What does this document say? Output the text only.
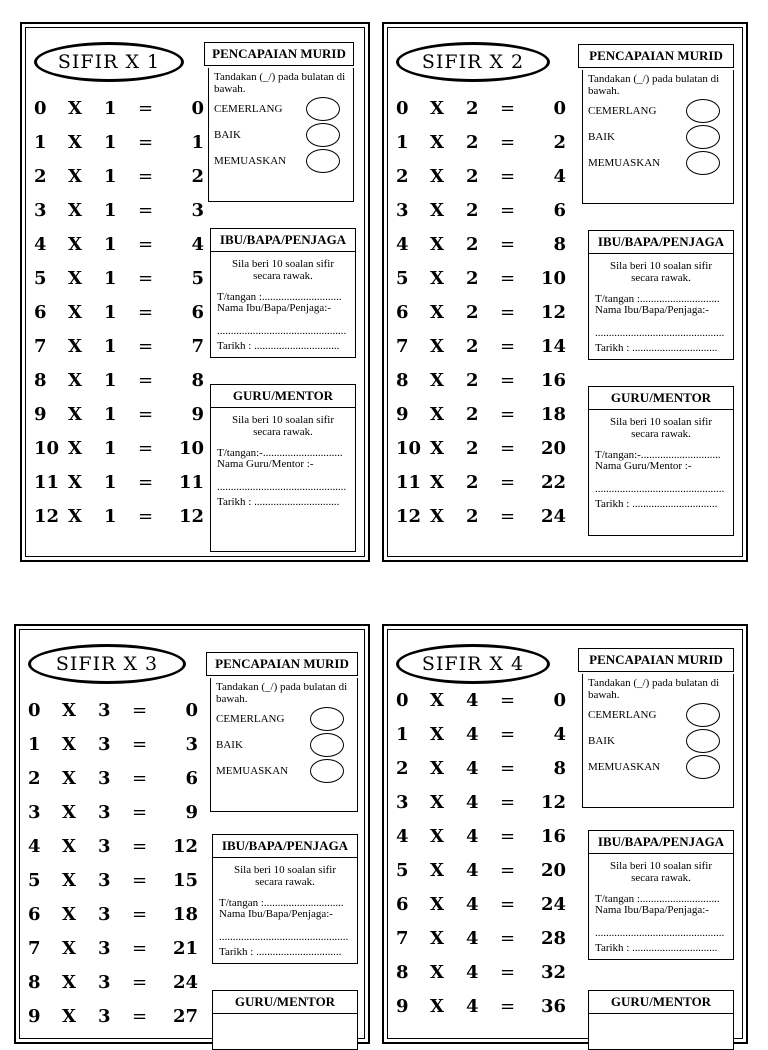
SIFIR X 1
0 X 1 = 0
1 X 1 = 1
2 X 1 = 2
3 X 1 = 3
4 X 1 = 4
5 X 1 = 5
6 X 1 = 6
7 X 1 = 7
8 X 1 = 8
9 X 1 = 9
10 X 1 = 10
11 X 1 = 11
12 X 1 = 12
PENCAPAIAN MURID
Tandakan (_/) pada bulatan di bawah.
CEMERLANG
BAIK
MEMUASKAN
IBU/BAPA/PENJAGA
Sila beri 10 soalan sifir secara rawak.
T/tangan :.............................
Nama Ibu/Bapa/Penjaga:-
...............................................
Tarikh : ...............................
GURU/MENTOR
Sila beri 10 soalan sifir secara rawak.
T/tangan:-.............................
Nama Guru/Mentor :-
...............................................
Tarikh : ...............................
SIFIR X 2
0 X 2 = 0
1 X 2 = 2
2 X 2 = 4
3 X 2 = 6
4 X 2 = 8
5 X 2 = 10
6 X 2 = 12
7 X 2 = 14
8 X 2 = 16
9 X 2 = 18
10 X 2 = 20
11 X 2 = 22
12 X 2 = 24
PENCAPAIAN MURID
Tandakan (_/) pada bulatan di bawah.
CEMERLANG
BAIK
MEMUASKAN
IBU/BAPA/PENJAGA
Sila beri 10 soalan sifir secara rawak.
T/tangan :.............................
Nama Ibu/Bapa/Penjaga:-
...............................................
Tarikh : ...............................
GURU/MENTOR
Sila beri 10 soalan sifir secara rawak.
T/tangan:-.............................
Nama Guru/Mentor :-
...............................................
Tarikh : ...............................
SIFIR X 3
0 X 3 = 0
1 X 3 = 3
2 X 3 = 6
3 X 3 = 9
4 X 3 = 12
5 X 3 = 15
6 X 3 = 18
7 X 3 = 21
8 X 3 = 24
9 X 3 = 27
PENCAPAIAN MURID
Tandakan (_/) pada bulatan di bawah.
CEMERLANG
BAIK
MEMUASKAN
IBU/BAPA/PENJAGA
Sila beri 10 soalan sifir secara rawak.
T/tangan :.............................
Nama Ibu/Bapa/Penjaga:-
...............................................
Tarikh : ...............................
GURU/MENTOR
SIFIR X 4
0 X 4 = 0
1 X 4 = 4
2 X 4 = 8
3 X 4 = 12
4 X 4 = 16
5 X 4 = 20
6 X 4 = 24
7 X 4 = 28
8 X 4 = 32
9 X 4 = 36
PENCAPAIAN MURID
Tandakan (_/) pada bulatan di bawah.
CEMERLANG
BAIK
MEMUASKAN
IBU/BAPA/PENJAGA
Sila beri 10 soalan sifir secara rawak.
T/tangan :.............................
Nama Ibu/Bapa/Penjaga:-
...............................................
Tarikh : ...............................
GURU/MENTOR
